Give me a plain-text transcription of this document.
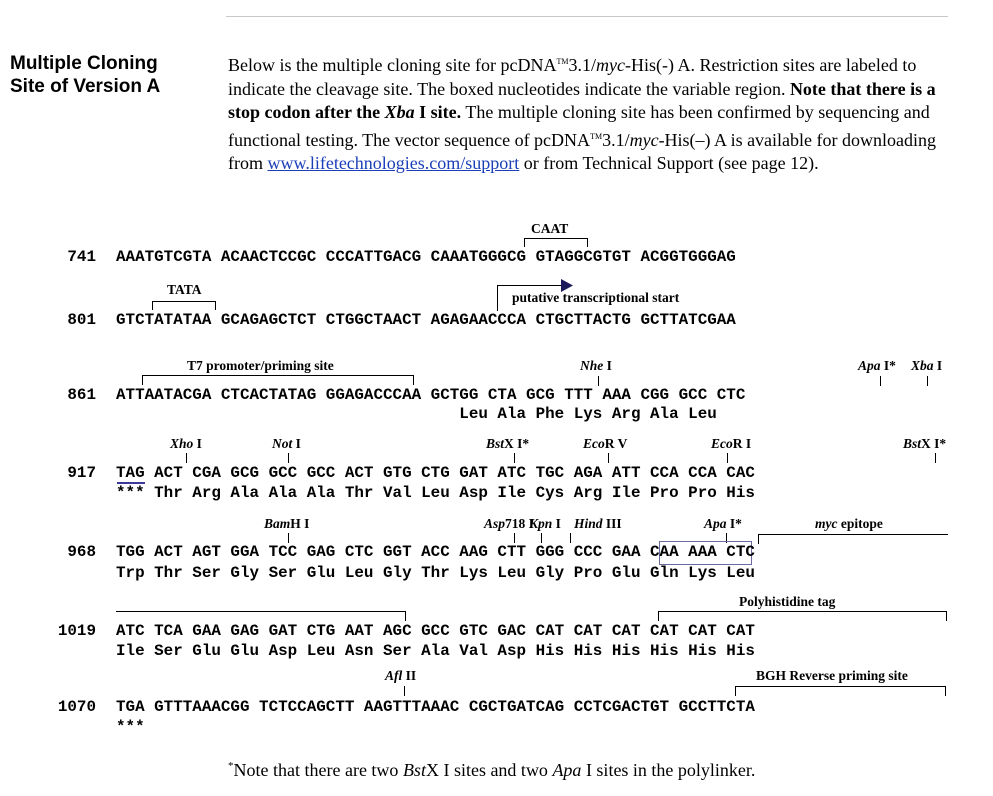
Multiple Cloning
Site of Version A
Below is the multiple cloning site for pcDNA™3.1/myc-His(-) A. Restriction sites are labeled to indicate the cleavage site. The boxed nucleotides indicate the variable region. Note that there is a stop codon after the Xba I site. The multiple cloning site has been confirmed by sequencing and functional testing. The vector sequence of pcDNA™3.1/myc-His(–) A is available for downloading from www.lifetechnologies.com/support or from Technical Support (see page 12).
CAAT
741 AAATGTCGTA ACAACTCCGC CCCATTGACG CAAATGGGCG GTAGGCGTGT ACGGTGGGAG
TATA
putative transcriptional start
801 GTCTATATAA GCAGAGCTCT CTGGCTAACT AGAGAACCCA CTGCTTACTG GCTTATCGAA
T7 promoter/priming site	Nhe I	Apa I* Xba I
861 ATTAATACGA CTCACTATAG GGAGACCCAA GCTGG CTA GCG TTT AAA CGG GCC CTC
Leu Ala Phe Lys Arg Ala Leu
Xho I	Not I	BstX I*	EcoR V	EcoR I	BstX I*
917 TAG ACT CGA GCG GCC GCC ACT GTG CTG GAT ATC TGC AGA ATT CCA CCA CAC
*** Thr Arg Ala Ala Ala Thr Val Leu Asp Ile Cys Arg Ile Pro Pro His
BamH I	Asp718 I
Kpn I Hind III	Apa I*	myc epitope
968 TGG ACT AGT GGA TCC GAG CTC GGT ACC AAG CTT GGG CCC GAA CAA AAA CTC
Trp Thr Ser Gly Ser Glu Leu Gly Thr Lys Leu Gly Pro Glu Gln Lys Leu
Polyhistidine tag
1019 ATC TCA GAA GAG GAT CTG AAT AGC GCC GTC GAC CAT CAT CAT CAT CAT CAT
Ile Ser Glu Glu Asp Leu Asn Ser Ala Val Asp His His His His His His
Afl II	BGH Reverse priming site
1070 TGA GTTTAAACGG TCTCCAGCTT AAGTTTAAAC CGCTGATCAG CCTCGACTGT GCCTTCTA
***
*Note that there are two BstX I sites and two Apa I sites in the polylinker.
